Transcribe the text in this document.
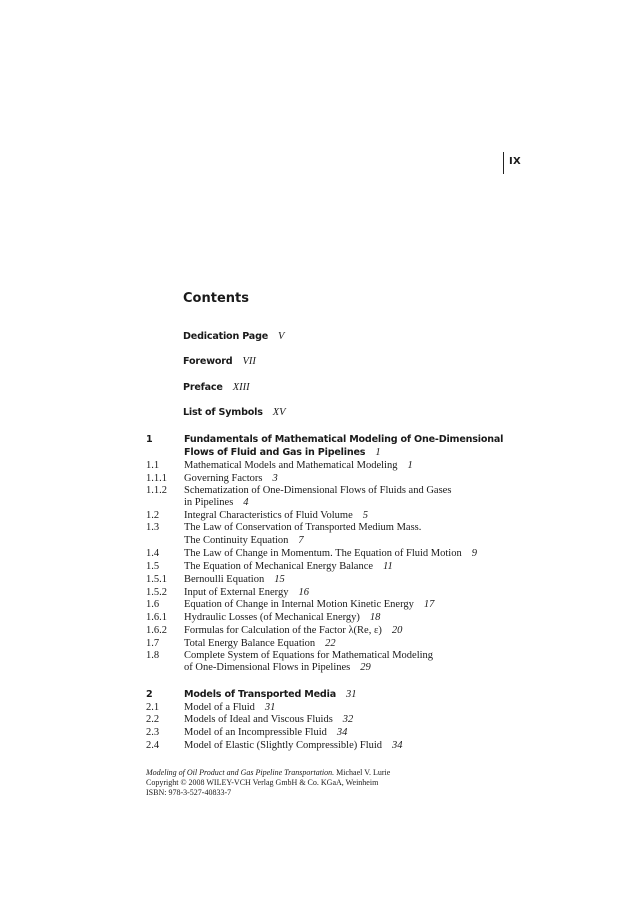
IX
Contents
Dedication Page V
Foreword VII
Preface XIII
List of Symbols XV
1	Fundamentals of Mathematical Modeling of One-Dimensional
Flows of Fluid and Gas in Pipelines 1
1.1 Mathematical Models and Mathematical Modeling 1
1.1.1 Governing Factors 3
1.1.2 Schematization of One-Dimensional Flows of Fluids and Gases
in Pipelines 4
1.2 Integral Characteristics of Fluid Volume 5
1.3 The Law of Conservation of Transported Medium Mass.
The Continuity Equation 7
1.4 The Law of Change in Momentum. The Equation of Fluid Motion 9
1.5 The Equation of Mechanical Energy Balance 11
1.5.1 Bernoulli Equation 15
1.5.2 Input of External Energy 16
1.6 Equation of Change in Internal Motion Kinetic Energy 17
1.6.1 Hydraulic Losses (of Mechanical Energy) 18
1.6.2 Formulas for Calculation of the Factor λ(Re, ε) 20
1.7 Total Energy Balance Equation 22
1.8 Complete System of Equations for Mathematical Modeling
of One-Dimensional Flows in Pipelines 29
2	Models of Transported Media 31
2.1 Model of a Fluid 31
2.2 Models of Ideal and Viscous Fluids 32
2.3 Model of an Incompressible Fluid 34
2.4 Model of Elastic (Slightly Compressible) Fluid 34
Modeling of Oil Product and Gas Pipeline Transportation. Michael V. Lurie
Copyright © 2008 WILEY-VCH Verlag GmbH & Co. KGaA, Weinheim
ISBN: 978-3-527-40833-7
